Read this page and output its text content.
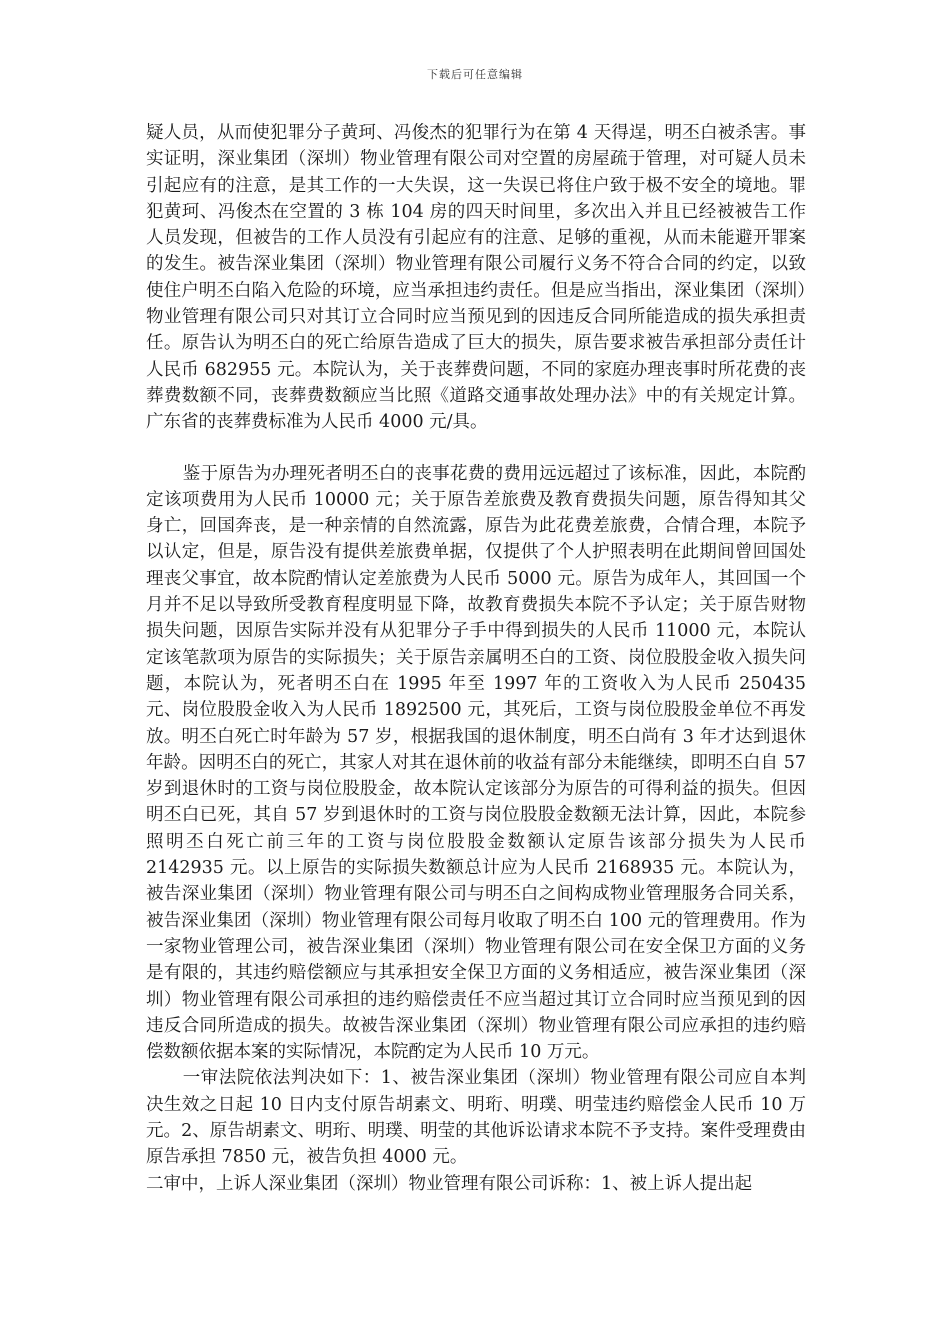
下载后可任意编辑

疑人员，从而使犯罪分子黄珂、冯俊杰的犯罪行为在第 4 天得逞，明丕白被杀害。事实证明，深业集团（深圳）物业管理有限公司对空置的房屋疏于管理，对可疑人员未引起应有的注意，是其工作的一大失误，这一失误已将住户致于极不安全的境地。罪犯黄珂、冯俊杰在空置的 3 栋 104 房的四天时间里，多次出入并且已经被被告工作人员发现，但被告的工作人员没有引起应有的注意、足够的重视，从而未能避开罪案的发生。被告深业集团（深圳）物业管理有限公司履行义务不符合合同的约定，以致使住户明丕白陷入危险的环境，应当承担违约责任。但是应当指出，深业集团（深圳）物业管理有限公司只对其订立合同时应当预见到的因违反合同所能造成的损失承担责任。原告认为明丕白的死亡给原告造成了巨大的损失，原告要求被告承担部分责任计人民币 682955 元。本院认为，关于丧葬费问题，不同的家庭办理丧事时所花费的丧葬费数额不同，丧葬费数额应当比照《道路交通事故处理办法》中的有关规定计算。广东省的丧葬费标准为人民币 4000 元/具。

鉴于原告为办理死者明丕白的丧事花费的费用远远超过了该标准，因此，本院酌定该项费用为人民币 10000 元；关于原告差旅费及教育费损失问题，原告得知其父身亡，回国奔丧，是一种亲情的自然流露，原告为此花费差旅费，合情合理，本院予以认定，但是，原告没有提供差旅费单据，仅提供了个人护照表明在此期间曾回国处理丧父事宜，故本院酌情认定差旅费为人民币 5000 元。原告为成年人，其回国一个月并不足以导致所受教育程度明显下降，故教育费损失本院不予认定；关于原告财物损失问题，因原告实际并没有从犯罪分子手中得到损失的人民币 11000 元，本院认定该笔款项为原告的实际损失；关于原告亲属明丕白的工资、岗位股股金收入损失问题，本院认为，死者明丕白在 1995 年至 1997 年的工资收入为人民币 250435 元、岗位股股金收入为人民币 1892500 元，其死后，工资与岗位股股金单位不再发放。明丕白死亡时年龄为 57 岁，根据我国的退休制度，明丕白尚有 3 年才达到退休年龄。因明丕白的死亡，其家人对其在退休前的收益有部分未能继续，即明丕白自 57 岁到退休时的工资与岗位股股金，故本院认定该部分为原告的可得利益的损失。但因明丕白已死，其自 57 岁到退休时的工资与岗位股股金数额无法计算，因此，本院参照明丕白死亡前三年的工资与岗位股股金数额认定原告该部分损失为人民币 2142935 元。以上原告的实际损失数额总计应为人民币 2168935 元。本院认为，被告深业集团（深圳）物业管理有限公司与明丕白之间构成物业管理服务合同关系，被告深业集团（深圳）物业管理有限公司每月收取了明丕白 100 元的管理费用。作为一家物业管理公司，被告深业集团（深圳）物业管理有限公司在安全保卫方面的义务是有限的，其违约赔偿额应与其承担安全保卫方面的义务相适应，被告深业集团（深圳）物业管理有限公司承担的违约赔偿责任不应当超过其订立合同时应当预见到的因违反合同所造成的损失。故被告深业集团（深圳）物业管理有限公司应承担的违约赔偿数额依据本案的实际情况，本院酌定为人民币 10 万元。

一审法院依法判决如下：1、被告深业集团（深圳）物业管理有限公司应自本判决生效之日起 10 日内支付原告胡素文、明珩、明璞、明莹违约赔偿金人民币 10 万元。2、原告胡素文、明珩、明璞、明莹的其他诉讼请求本院不予支持。案件受理费由原告承担 7850 元，被告负担 4000 元。

二审中，上诉人深业集团（深圳）物业管理有限公司诉称：1、被上诉人提出起
